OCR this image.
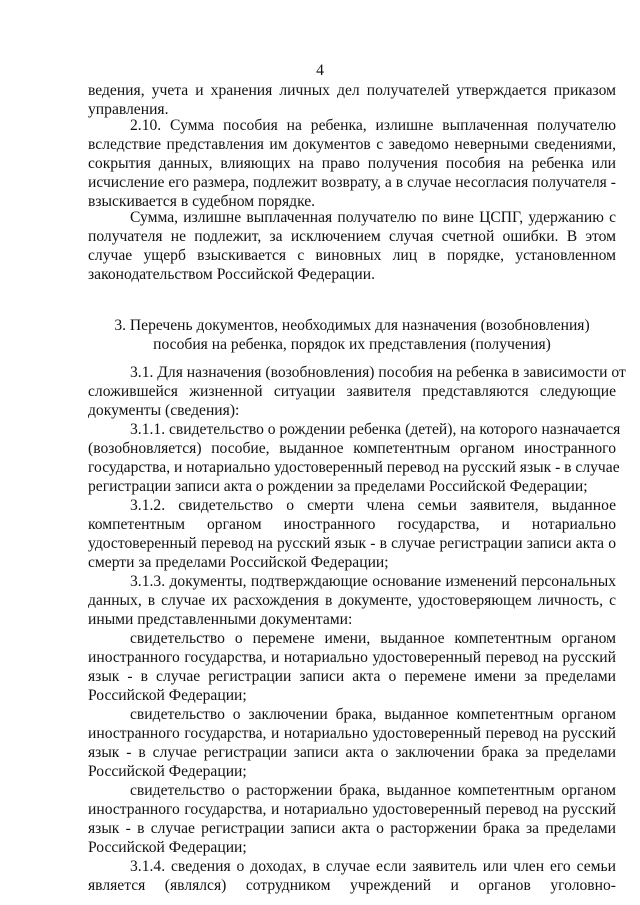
4
ведения, учета и хранения личных дел получателей утверждается приказом
управления.
2.10. Сумма пособия на ребенка, излишне выплаченная получателю
вследствие представления им документов с заведомо неверными сведениями,
сокрытия данных, влияющих на право получения пособия на ребенка или
исчисление его размера, подлежит возврату, а в случае несогласия получателя -
взыскивается в судебном порядке.
Сумма, излишне выплаченная получателю по вине ЦСПГ, удержанию с
получателя не подлежит, за исключением случая счетной ошибки. В этом
случае ущерб взыскивается с виновных лиц в порядке, установленном
законодательством Российской Федерации.
3. Перечень документов, необходимых для назначения (возобновления)
пособия на ребенка, порядок их представления (получения)
3.1. Для назначения (возобновления) пособия на ребенка в зависимости от
сложившейся жизненной ситуации заявителя представляются следующие
документы (сведения):
3.1.1. свидетельство о рождении ребенка (детей), на которого назначается
(возобновляется) пособие, выданное компетентным органом иностранного
государства, и нотариально удостоверенный перевод на русский язык - в случае
регистрации записи акта о рождении за пределами Российской Федерации;
3.1.2. свидетельство о смерти члена семьи заявителя, выданное
компетентным органом иностранного государства, и нотариально
удостоверенный перевод на русский язык - в случае регистрации записи акта о
смерти за пределами Российской Федерации;
3.1.3. документы, подтверждающие основание изменений персональных
данных, в случае их расхождения в документе, удостоверяющем личность, с
иными представленными документами:
свидетельство о перемене имени, выданное компетентным органом
иностранного государства, и нотариально удостоверенный перевод на русский
язык - в случае регистрации записи акта о перемене имени за пределами
Российской Федерации;
свидетельство о заключении брака, выданное компетентным органом
иностранного государства, и нотариально удостоверенный перевод на русский
язык - в случае регистрации записи акта о заключении брака за пределами
Российской Федерации;
свидетельство о расторжении брака, выданное компетентным органом
иностранного государства, и нотариально удостоверенный перевод на русский
язык - в случае регистрации записи акта о расторжении брака за пределами
Российской Федерации;
3.1.4. сведения о доходах, в случае если заявитель или член его семьи
является (являлся) сотрудником учреждений и органов уголовно-
